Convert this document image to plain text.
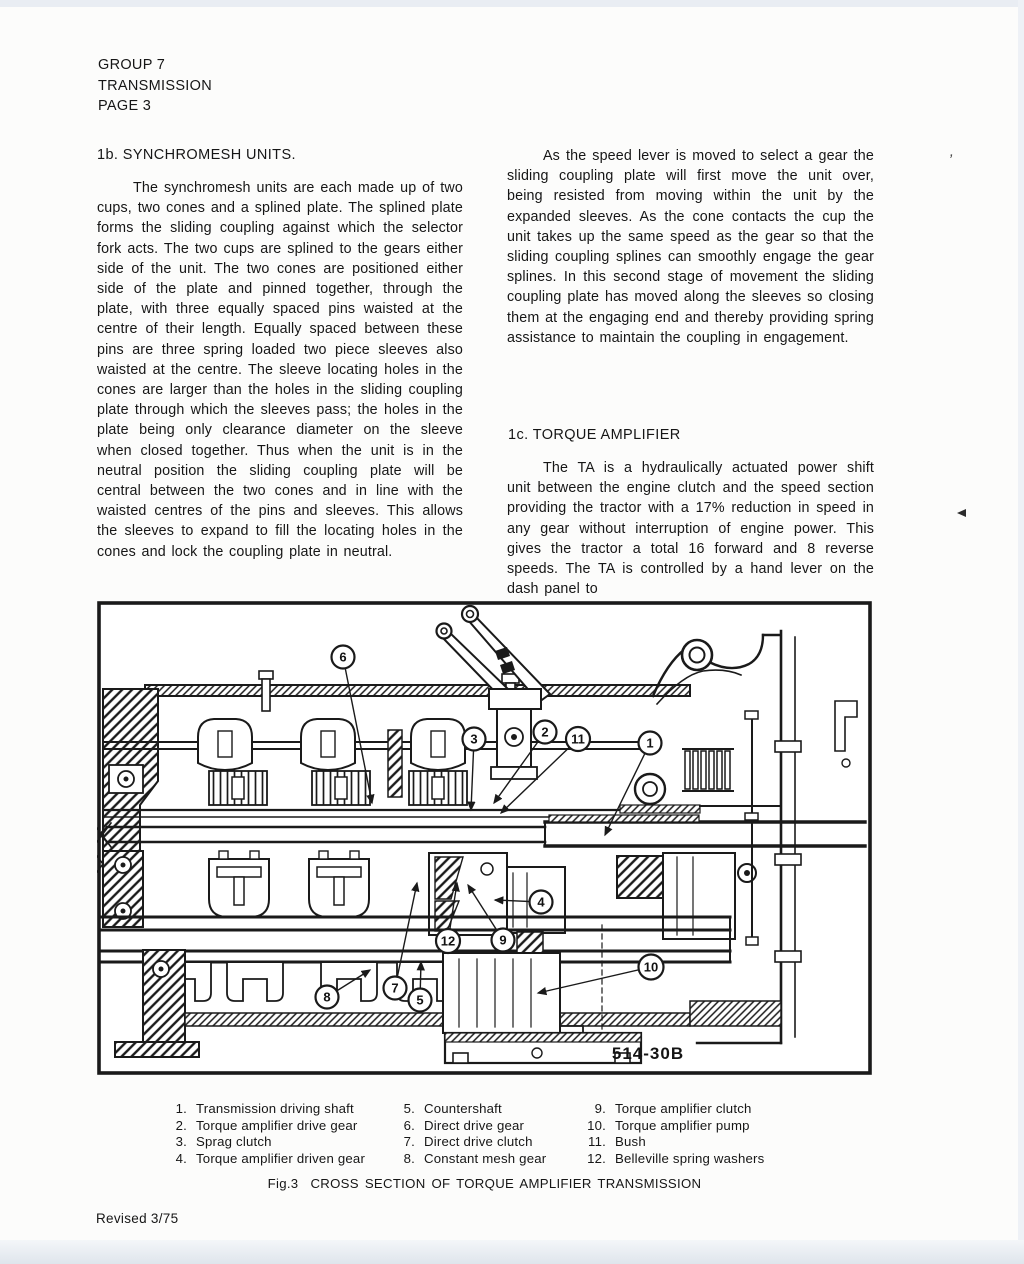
GROUP 7
TRANSMISSION
PAGE 3
1b. SYNCHROMESH UNITS.
The synchromesh units are each made up of two cups, two cones and a splined plate. The splined plate forms the sliding coupling against which the selector fork acts. The two cups are splined to the gears either side of the unit. The two cones are positioned either side of the plate and pinned together, through the plate, with three equally spaced pins waisted at the centre of their length. Equally spaced between these pins are three spring loaded two piece sleeves also waisted at the centre. The sleeve locating holes in the cones are larger than the holes in the sliding coupling plate through which the sleeves pass; the holes in the plate being only clearance diameter on the sleeve when closed together. Thus when the unit is in the neutral position the sliding coupling plate will be central between the two cones and in line with the waisted centres of the pins and sleeves. This allows the sleeves to expand to fill the locating holes in the cones and lock the coupling plate in neutral.
As the speed lever is moved to select a gear the sliding coupling plate will first move the unit over, being resisted from moving within the unit by the expanded sleeves. As the cone contacts the cup the unit takes up the same speed as the gear so that the sliding coupling splines can smoothly engage the gear splines. In this second stage of movement the sliding coupling plate has moved along the sleeves so closing them at the engaging end and thereby providing spring assistance to maintain the coupling in engagement.
1c. TORQUE AMPLIFIER
The TA is a hydraulically actuated power shift unit between the engine clutch and the speed section providing the tractor with a 17% reduction in speed in any gear without interruption of engine power. This gives the tractor a total 16 forward and 8 reverse speeds. The TA is controlled by a hand lever on the dash panel to
,
1
2
3
4
5
6
7
8
9
10
11
12
514-30B
1. Transmission driving shaft
2. Torque amplifier drive gear
3. Sprag clutch
4. Torque amplifier driven gear
5. Countershaft
6. Direct drive gear
7. Direct drive clutch
8. Constant mesh gear
9. Torque amplifier clutch
10. Torque amplifier pump
11. Bush
12. Belleville spring washers
Fig.3 CROSS SECTION OF TORQUE AMPLIFIER TRANSMISSION
Revised 3/75
